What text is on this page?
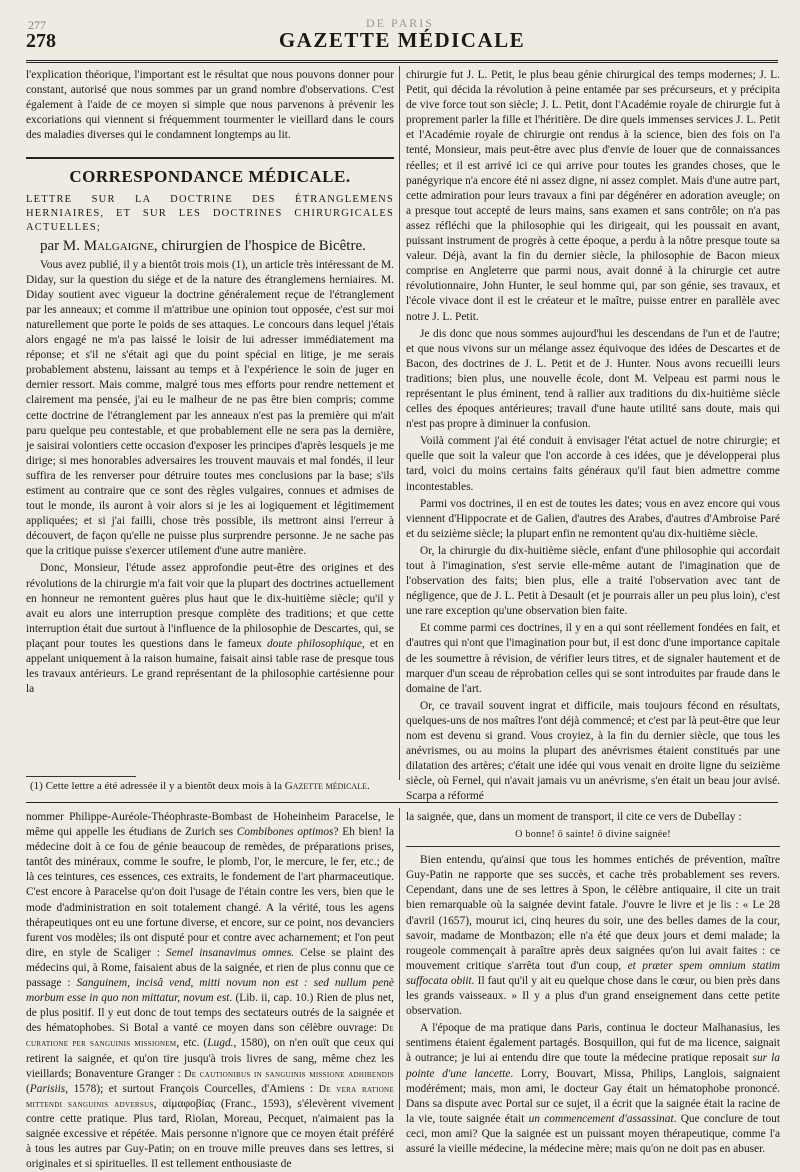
277	DE PARIS
278	GAZETTE MÉDICALE

l'explication théorique, l'important est le résultat que nous pouvons donner pour constant, autorisé que nous sommes par un grand nombre d'observations. C'est également à l'aide de ce moyen si simple que nous parvenons à prévenir les excoriations qui viennent si fréquemment tourmenter le vieillard dans le cours des maladies diverses qui le condamnent longtemps au lit.

CORRESPONDANCE MÉDICALE.

LETTRE SUR LA DOCTRINE DES ÉTRANGLEMENS HERNIAIRES, ET SUR LES DOCTRINES CHIRURGICALES ACTUELLES;

par M. Malgaigne, chirurgien de l'hospice de Bicêtre.

Vous avez publié, il y a bientôt trois mois (1), un article très intéressant de M. Diday, sur la question du siége et de la nature des étranglemens herniaires. M. Diday soutient avec vigueur la doctrine généralement reçue de l'étranglement par les anneaux; et comme il m'attribue une opinion tout opposée, c'est sur moi naturellement que porte le poids de ses attaques. Le concours dans lequel j'étais alors engagé ne m'a pas laissé le loisir de lui adresser immédiatement ma réponse; et s'il ne s'était agi que du point spécial en litige, je me serais probablement abstenu, laissant au temps et à l'expérience le soin de juger en dernier ressort. Mais comme, malgré tous mes efforts pour rendre nettement et clairement ma pensée, j'ai eu le malheur de ne pas être bien compris; comme cette doctrine de l'étranglement par les anneaux n'est pas la première qui m'ait paru quelque peu contestable, et que probablement elle ne sera pas la dernière, je saisirai volontiers cette occasion d'exposer les principes d'après lesquels je me dirige; si mes honorables adversaires les trouvent mauvais et mal fondés, il leur suffira de les renverser pour détruire toutes mes conclusions par la base; s'ils estiment au contraire que ce sont des règles vulgaires, connues et admises de tout le monde, ils auront à voir alors si je les ai logiquement et légitimement appliquées; et si j'ai failli, chose très possible, ils mettront ainsi l'erreur à découvert, de façon qu'elle ne puisse plus surprendre personne. Je ne sache pas que la critique puisse s'exercer utilement d'une autre manière.

Donc, Monsieur, l'étude assez approfondie peut-être des origines et des révolutions de la chirurgie m'a fait voir que la plupart des doctrines actuellement en honneur ne remontent guères plus haut que le dix-huitième siècle; qu'il y avait eu alors une interruption presque complète des traditions; et que cette interruption était due surtout à l'influence de la philosophie de Descartes, qui, se plaçant pour toutes les questions dans le fameux doute philosophique, et en appelant uniquement à la raison humaine, faisait ainsi table rase de presque tous les travaux antérieurs. Le grand représentant de la philosophie cartésienne pour la

chirurgie fut J. L. Petit, le plus beau génie chirurgical des temps modernes; J. L. Petit, qui décida la révolution à peine entamée par ses précurseurs, et y précipita de vive force tout son siècle; J. L. Petit, dont l'Académie royale de chirurgie fut à proprement parler la fille et l'héritière. De dire quels immenses services J. L. Petit et l'Académie royale de chirurgie ont rendus à la science, bien des fois on l'a tenté, Monsieur, mais peut-être avec plus d'envie de louer que de connaissances réelles; et il est arrivé ici ce qui arrive pour toutes les grandes choses, que le panégyrique n'a encore été ni assez digne, ni assez complet. Mais d'une autre part, cette admiration pour leurs travaux a fini par dégénérer en adoration aveugle; on a presque tout accepté de leurs mains, sans examen et sans contrôle; on n'a pas assez réfléchi que la philosophie qui les dirigeait, qui les poussait en avant, puissant instrument de progrès à cette époque, a perdu à la nôtre presque toute sa valeur. Déjà, avant la fin du dernier siècle, la philosophie de Bacon mieux comprise en Angleterre que parmi nous, avait donné à la chirurgie cet autre révolutionnaire, John Hunter, le seul homme qui, par son génie, ses travaux, et l'école vivace dont il est le créateur et le maître, puisse entrer en parallèle avec notre J. L. Petit.

Je dis donc que nous sommes aujourd'hui les descendans de l'un et de l'autre; et que nous vivons sur un mélange assez équivoque des idées de Descartes et de Bacon, des doctrines de J. L. Petit et de J. Hunter. Nous avons recueilli leurs traditions; bien plus, une nouvelle école, dont M. Velpeau est parmi nous le représentant le plus éminent, tend à rallier aux traditions du dix-huitième siècle celles des époques antérieures; travail d'une haute utilité sans doute, mais qui n'est pas propre à diminuer la confusion.

Voilà comment j'ai été conduit à envisager l'état actuel de notre chirurgie; et quelle que soit la valeur que l'on accorde à ces idées, que je développerai plus tard, voici du moins certains faits généraux qu'il faut bien admettre comme incontestables.

Parmi vos doctrines, il en est de toutes les dates; vous en avez encore qui vous viennent d'Hippocrate et de Galien, d'autres des Arabes, d'autres d'Ambroise Paré et du seizième siècle; la plupart enfin ne remontent qu'au dix-huitième siècle.

Or, la chirurgie du dix-huitième siècle, enfant d'une philosophie qui accordait tout à l'imagination, s'est servie elle-même autant de l'imagination que de l'observation des faits; bien plus, elle a traité l'observation avec tant de négligence, que de J. L. Petit à Desault (et je pourrais aller un peu plus loin), c'est une rare exception qu'une observation bien faite.

Et comme parmi ces doctrines, il y en a qui sont réellement fondées en fait, et d'autres qui n'ont que l'imagination pour but, il est donc d'une importance capitale de les soumettre à révision, de vérifier leurs titres, et de signaler hautement et de marquer d'un sceau de réprobation celles qui se sont introduites par fraude dans le domaine de l'art.

Or, ce travail souvent ingrat et difficile, mais toujours fécond en résultats, quelques-uns de nos maîtres l'ont déjà commencé; et c'est par là peut-être que leur nom est devenu si grand. Vous croyiez, à la fin du dernier siècle, que tous les anévrismes, ou au moins la plupart des anévrismes étaient constitués par une dilatation des artères; c'était une idée qui vous venait en droite ligne du seizième siècle, où Fernel, qui n'avait jamais vu un anévrisme, s'en était un beau jour avisé. Scarpa a réformé

(1) Cette lettre a été adressée il y a bientôt deux mois à la Gazette médicale.

nommer Philippe-Auréole-Théophraste-Bombast de Hoheinheim Paracelse, le même qui appelle les étudians de Zurich ses Combibones optimos? Eh bien! la médecine doit à ce fou de génie beaucoup de remèdes, de préparations prises, tantôt des minéraux, comme le soufre, le plomb, l'or, le mercure, le fer, etc.; de là ces teintures, ces essences, ces extraits, le fondement de l'art pharmaceutique. C'est encore à Paracelse qu'on doit l'usage de l'étain contre les vers, bien que le mode d'administration en soit totalement changé. A la vérité, tous les agens thérapeutiques ont eu une fortune diverse, et encore, sur ce point, nos devanciers furent vos modèles; ils ont disputé pour et contre avec acharnement; et l'on peut dire, en style de Scaliger : Semel insanavimus omnes. Celse se plaint des médecins qui, à Rome, faisaient abus de la saignée, et rien de plus connu que ce passage : Sanguinem, incisâ vend, mitti novum non est : sed nullum penè morbum esse in quo non mittatur, novum est. (Lib. ii, cap. 10.) Rien de plus net, de plus positif. Il y eut donc de tout temps des sectateurs outrés de la saignée et des hématophobes. Si Botal a vanté ce moyen dans son célèbre ouvrage: De curatione per sanguinis missionem, etc. (Lugd., 1580), on n'en ouït que ceux qui retirent la saignée, et qu'on tire jusqu'à trois livres de sang, même chez les vieillards; Bonaventure Granger : De cautionibus in sanguinis missione adhibendis (Parisiis, 1578); et surtout François Courcelles, d'Amiens : De vera ratione mittendi sanguinis adversus, αἱμαφοβίας (Franc., 1593), s'élevèrent vivement contre cette pratique. Plus tard, Riolan, Moreau, Pecquet, n'aimaient pas la saignée excessive et répétée. Mais personne n'ignore que ce moyen était préféré à tous les autres par Guy-Patin; on en trouve mille preuves dans ses lettres, si originales et si spirituelles. Il est tellement enthousiaste de

la saignée, que, dans un moment de transport, il cite ce vers de Dubellay :

O bonne! ô sainte! ô divine saignée!

Bien entendu, qu'ainsi que tous les hommes entichés de prévention, maître Guy-Patin ne rapporte que ses succès, et cache très probablement ses revers. Cependant, dans une de ses lettres à Spon, le célèbre antiquaire, il cite un trait bien remarquable où la saignée devint fatale. J'ouvre le livre et je lis : « Le 28 d'avril (1657), mourut ici, cinq heures du soir, une des belles dames de la cour, savoir, madame de Montbazon; elle n'a été que deux jours et demi malade; la rougeole commençait à paraître après deux saignées qu'on lui avait faites : ce mouvement critique s'arrêta tout d'un coup, et præter spem omnium statim suffocata obiit. Il faut qu'il y ait eu quelque chose dans le cœur, ou bien près dans les grands vaisseaux. » Il y a plus d'un grand enseignement dans cette petite observation.

A l'époque de ma pratique dans Paris, continua le docteur Malhanasius, les sentimens étaient également partagés. Bosquillon, qui fut de ma licence, saignait à outrance; je lui ai entendu dire que toute la médecine pratique reposait sur la pointe d'une lancette. Lorry, Bouvart, Missa, Philips, Langlois, saignaient modérément; mais, mon ami, le docteur Gay était un hématophobe prononcé. Dans sa dispute avec Portal sur ce sujet, il a écrit que la saignée était la racine de la vie, toute saignée était un commencement d'assassinat. Que conclure de tout ceci, mon ami? Que la saignée est un puissant moyen thérapeutique, comme l'a assuré la vieille médecine, la médecine mère; mais qu'on ne doit pas en abuser.
